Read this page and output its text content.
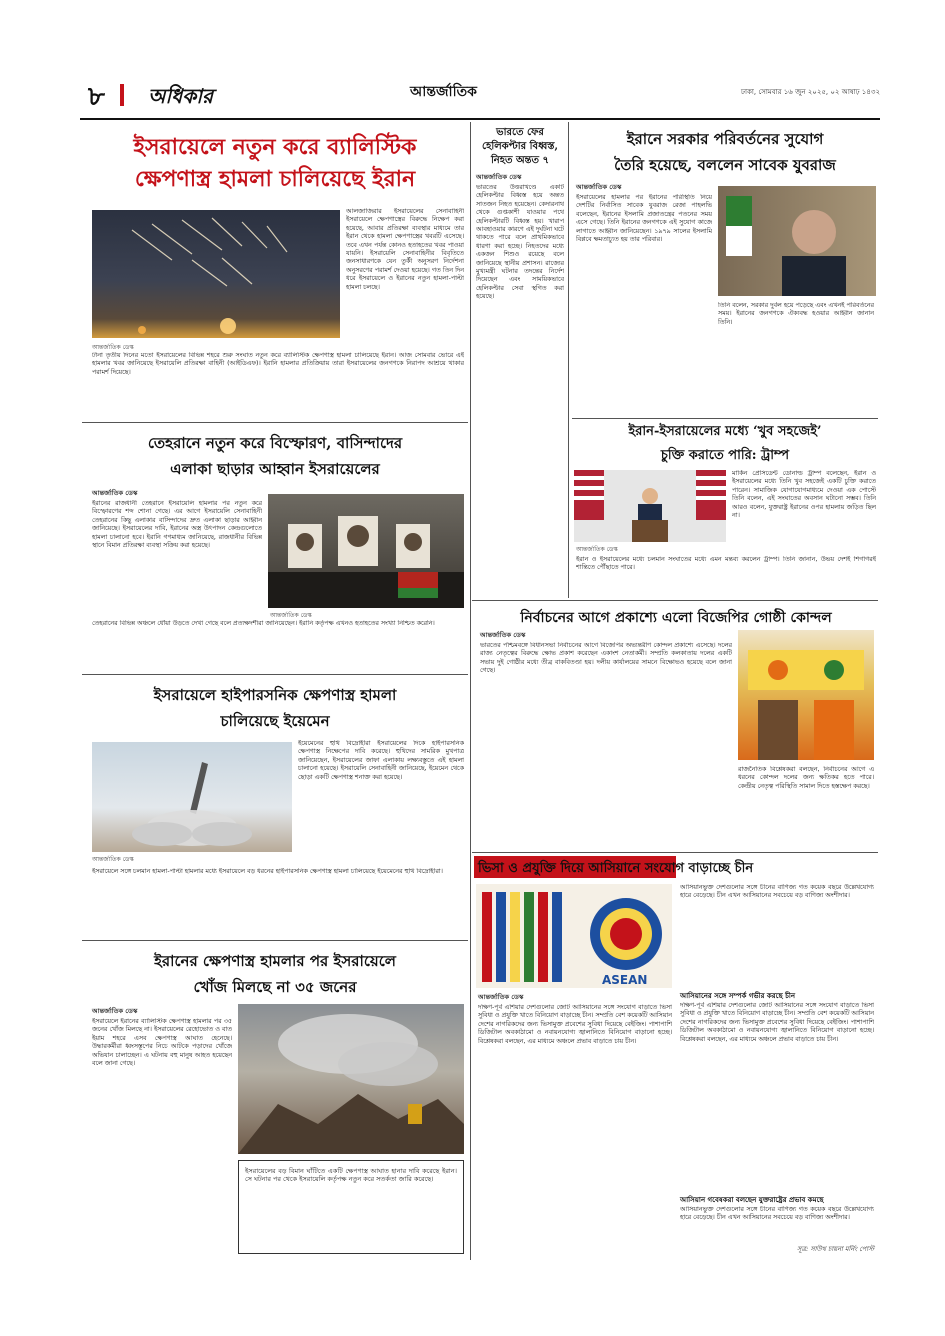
৮ অধিকার	আন্তর্জাতিক	ঢাকা, সোমবার ১৬ জুন ২০২৫, ০২ আষাঢ় ১৪৩২
ইসরায়েলে নতুন করে ব্যালিস্টিক
ক্ষেপণাস্ত্র হামলা চালিয়েছে ইরান
আন্তর্জাতিক ডেস্ক
আলজাজিরার ইসরায়েলের সেনাবাহিনী ইসরায়েলে ক্ষেপণাস্ত্রের বিরুদ্ধে নিক্ষেপ করা হয়েছে, আবার প্রতিরক্ষা ব্যবস্থার মাধ্যমে তার ইরান থেকে হামলা ক্ষেপণাস্ত্রের খবরটি এসেছে। তবে এখন পর্যন্ত কোনও হতাহতের খবর পাওয়া যায়নি। ইসরায়েলি সেনাবাহিনীর বিবৃতিতে জনসাধারণকে যেন তুর্কী অনুসরণ নির্দেশনা অনুসরণের পরামর্শ দেওয়া হয়েছে। গত তিন দিন ধরে ইসরায়েলে ও ইরানের নতুন হামলা-পাল্টা হামলা চলছে।
টানা তৃতীয় দিনের মতো ইসরায়েলের বিভিন্ন শহরে শুরু সংঘাত নতুন করে ব্যালিস্টিক ক্ষেপণাস্ত্র হামলা চালিয়েছে ইরান। আজ সোমবার ভোরে এই হামলার খবর জানিয়েছে ইসরায়েলি প্রতিরক্ষা বাহিনী (আইডিএফ)। ইরানি হামলার প্রতিক্রিয়ায় তারা ইসরায়েলের জনগণকে নিরাপদ আশ্রয়ে থাকার পরামর্শ দিয়েছে।
তেহরানে নতুন করে বিস্ফোরণ, বাসিন্দাদের
এলাকা ছাড়ার আহ্বান ইসরায়েলের
আন্তর্জাতিক ডেস্ক
ইরানের রাজধানী তেহরানে ইসরায়েলি হামলার পর নতুন করে বিস্ফোরণের শব্দ শোনা গেছে। এর আগে ইসরায়েলি সেনাবাহিনী তেহরানের কিছু এলাকার বাসিন্দাদের দ্রুত এলাকা ছাড়ার আহ্বান জানিয়েছে। ইসরায়েলের দাবি, ইরানের অস্ত্র উৎপাদন কেন্দ্রগুলোতে হামলা চালানো হবে। ইরানি গণমাধ্যম জানিয়েছে, রাজধানীর বিভিন্ন স্থানে বিমান প্রতিরক্ষা ব্যবস্থা সক্রিয় করা হয়েছে।
আন্তর্জাতিক ডেস্ক
তেহরানের বিভিন্ন অঞ্চলে ধোঁয়া উড়তে দেখা গেছে বলে প্রত্যক্ষদর্শীরা জানিয়েছেন। ইরানি কর্তৃপক্ষ এখনও হতাহতের সংখ্যা নিশ্চিত করেনি।
ইসরায়েলে হাইপারসনিক ক্ষেপণাস্ত্র হামলা
চালিয়েছে ইয়েমেন
আন্তর্জাতিক ডেস্ক
ইয়েমেনের হুথি বিদ্রোহীরা ইসরায়েলের দিকে হাইপারসনিক ক্ষেপণাস্ত্র নিক্ষেপের দাবি করেছে। হুথিদের সামরিক মুখপাত্র জানিয়েছেন, ইসরায়েলের জাফা এলাকায় লক্ষ্যবস্তুতে এই হামলা চালানো হয়েছে। ইসরায়েলি সেনাবাহিনী জানিয়েছে, ইয়েমেন থেকে ছোড়া একটি ক্ষেপণাস্ত্র শনাক্ত করা হয়েছে।
ইসরায়েলে সঙ্গে চলমান হামলা-পাল্টা হামলার মধ্যে ইসরায়েলে বড় ধরনের হাইপারসনিক ক্ষেপণাস্ত্র হামলা চালিয়েছে ইয়েমেনের হুথি বিদ্রোহীরা।
ইরানের ক্ষেপণাস্ত্র হামলার পর ইসরায়েলে
খোঁজ মিলছে না ৩৫ জনের
আন্তর্জাতিক ডেস্ক
ইসরায়েলে ইরানের ব্যালিস্টিক ক্ষেপণাস্ত্র হামলার পর ৩৫ জনের খোঁজ মিলছে না। ইসরায়েলের রেহোভোত ও বাত ইয়াম শহরে এসব ক্ষেপণাস্ত্র আঘাত হেনেছে। উদ্ধারকর্মীরা ধ্বংসস্তূপের নিচে আটকে পড়াদের খোঁজে অভিযান চালাচ্ছেন। এ ঘটনায় বহু মানুষ আহত হয়েছেন বলে জানা গেছে।
ইসরায়েলের বড় বিমান ঘাঁটিতে একটি ক্ষেপণাস্ত্র আঘাত হানার দাবি করেছে ইরান। সে ঘটনার পর থেকে ইসরায়েলি কর্তৃপক্ষ নতুন করে সতর্কতা জারি করেছে।
ভারতে ফের হেলিকপ্টার বিধ্বস্ত, নিহত অন্তত ৭
আন্তর্জাতিক ডেস্ক
ভারতের উত্তরাখণ্ডে একটি হেলিকপ্টার বিধ্বস্ত হয়ে অন্তত সাতজন নিহত হয়েছেন। কেদারনাথ থেকে গুপ্তকাশী যাওয়ার পথে হেলিকপ্টারটি বিধ্বস্ত হয়। খারাপ আবহাওয়ার কারণে এই দুর্ঘটনা ঘটে থাকতে পারে বলে প্রাথমিকভাবে ধারণা করা হচ্ছে। নিহতদের মধ্যে একজন শিশুও রয়েছে বলে জানিয়েছে স্থানীয় প্রশাসন। রাজ্যের মুখ্যমন্ত্রী ঘটনার তদন্তের নির্দেশ দিয়েছেন এবং সাময়িকভাবে হেলিকপ্টার সেবা স্থগিত করা হয়েছে।
ইরানে সরকার পরিবর্তনের সুযোগ
তৈরি হয়েছে, বললেন সাবেক যুবরাজ
আন্তর্জাতিক ডেস্ক
ইসরায়েলের হামলার পর ইরানের পরিস্থিতি নিয়ে দেশটির নির্বাসিত সাবেক যুবরাজ রেজা পাহলভি বলেছেন, ইরানের ইসলামি প্রজাতন্ত্রের পতনের সময় এসে গেছে। তিনি ইরানের জনগণকে এই সুযোগ কাজে লাগাতে আহ্বান জানিয়েছেন। ১৯৭৯ সালের ইসলামি বিপ্লবে ক্ষমতাচ্যুত হয় তার পরিবার।
তিনি বলেন, সরকার দুর্বল হয়ে পড়েছে এবং এখনই পরিবর্তনের সময়। ইরানের জনগণকে ঐক্যবদ্ধ হওয়ার আহ্বান জানান তিনি।
ইরান-ইসরায়েলের মধ্যে ‘খুব সহজেই’
চুক্তি করাতে পারি: ট্রাম্প
আন্তর্জাতিক ডেস্ক
মার্কিন প্রেসিডেন্ট ডোনাল্ড ট্রাম্প বলেছেন, ইরান ও ইসরায়েলের মধ্যে তিনি খুব সহজেই একটি চুক্তি করাতে পারেন। সামাজিক যোগাযোগমাধ্যমে দেওয়া এক পোস্টে তিনি বলেন, এই সংঘাতের অবসান ঘটানো সম্ভব। তিনি আরও বলেন, যুক্তরাষ্ট্র ইরানের ওপর হামলায় জড়িত ছিল না।
ইরান ও ইসরায়েলের মধ্যে চলমান সংঘাতের মধ্যে এমন মন্তব্য করলেন ট্রাম্প। তিনি জানান, উভয় দেশই শিগগিরই শান্তিতে পৌঁছাতে পারে।
নির্বাচনের আগে প্রকাশ্যে এলো বিজেপির গোষ্ঠী কোন্দল
আন্তর্জাতিক ডেস্ক
ভারতের পশ্চিমবঙ্গে বিধানসভা নির্বাচনের আগে বিজেপির অভ্যন্তরীণ কোন্দল প্রকাশ্যে এসেছে। দলের রাজ্য নেতৃত্বের বিরুদ্ধে ক্ষোভ প্রকাশ করেছেন একাংশ নেতাকর্মী। সম্প্রতি কলকাতায় দলের একটি সভায় দুই গোষ্ঠীর মধ্যে তীব্র বাকবিতণ্ডা হয়। দলীয় কার্যালয়ের সামনে বিক্ষোভও হয়েছে বলে জানা গেছে।
রাজনৈতিক বিশ্লেষকরা বলছেন, নির্বাচনের আগে এ ধরনের কোন্দল দলের জন্য ক্ষতিকর হতে পারে। কেন্দ্রীয় নেতৃত্ব পরিস্থিতি সামাল দিতে হস্তক্ষেপ করছে।
ভিসা ও প্রযুক্তি দিয়ে আসিয়ানে সংযোগ বাড়াচ্ছে চীন
ASEAN
আন্তর্জাতিক ডেস্ক
দক্ষিণ-পূর্ব এশিয়ার দেশগুলোর জোট আসিয়ানের সঙ্গে সংযোগ বাড়াতে ভিসা সুবিধা ও প্রযুক্তি খাতে বিনিয়োগ বাড়াচ্ছে চীন। সম্প্রতি বেশ কয়েকটি আসিয়ান দেশের নাগরিকদের জন্য ভিসামুক্ত প্রবেশের সুবিধা দিয়েছে বেইজিং। পাশাপাশি ডিজিটাল অবকাঠামো ও নবায়নযোগ্য জ্বালানিতে বিনিয়োগ বাড়ানো হচ্ছে। বিশ্লেষকরা বলছেন, এর মাধ্যমে অঞ্চলে প্রভাব বাড়াতে চায় চীন।
আসিয়ানভুক্ত দেশগুলোর সঙ্গে চীনের বাণিজ্য গত কয়েক বছরে উল্লেখযোগ্য হারে বেড়েছে। চীন এখন আসিয়ানের সবচেয়ে বড় বাণিজ্য অংশীদার।
আসিয়ানের সঙ্গে সম্পর্ক গভীর করছে চীন
দক্ষিণ-পূর্ব এশিয়ার দেশগুলোর জোট আসিয়ানের সঙ্গে সংযোগ বাড়াতে ভিসা সুবিধা ও প্রযুক্তি খাতে বিনিয়োগ বাড়াচ্ছে চীন। সম্প্রতি বেশ কয়েকটি আসিয়ান দেশের নাগরিকদের জন্য ভিসামুক্ত প্রবেশের সুবিধা দিয়েছে বেইজিং। পাশাপাশি ডিজিটাল অবকাঠামো ও নবায়নযোগ্য জ্বালানিতে বিনিয়োগ বাড়ানো হচ্ছে। বিশ্লেষকরা বলছেন, এর মাধ্যমে অঞ্চলে প্রভাব বাড়াতে চায় চীন।
আসিয়ান গবেষকরা বলছেন যুক্তরাষ্ট্রের প্রভাব কমছে
আসিয়ানভুক্ত দেশগুলোর সঙ্গে চীনের বাণিজ্য গত কয়েক বছরে উল্লেখযোগ্য হারে বেড়েছে। চীন এখন আসিয়ানের সবচেয়ে বড় বাণিজ্য অংশীদার।
সূত্র: সাউথ চায়না মর্নিং পোস্ট
